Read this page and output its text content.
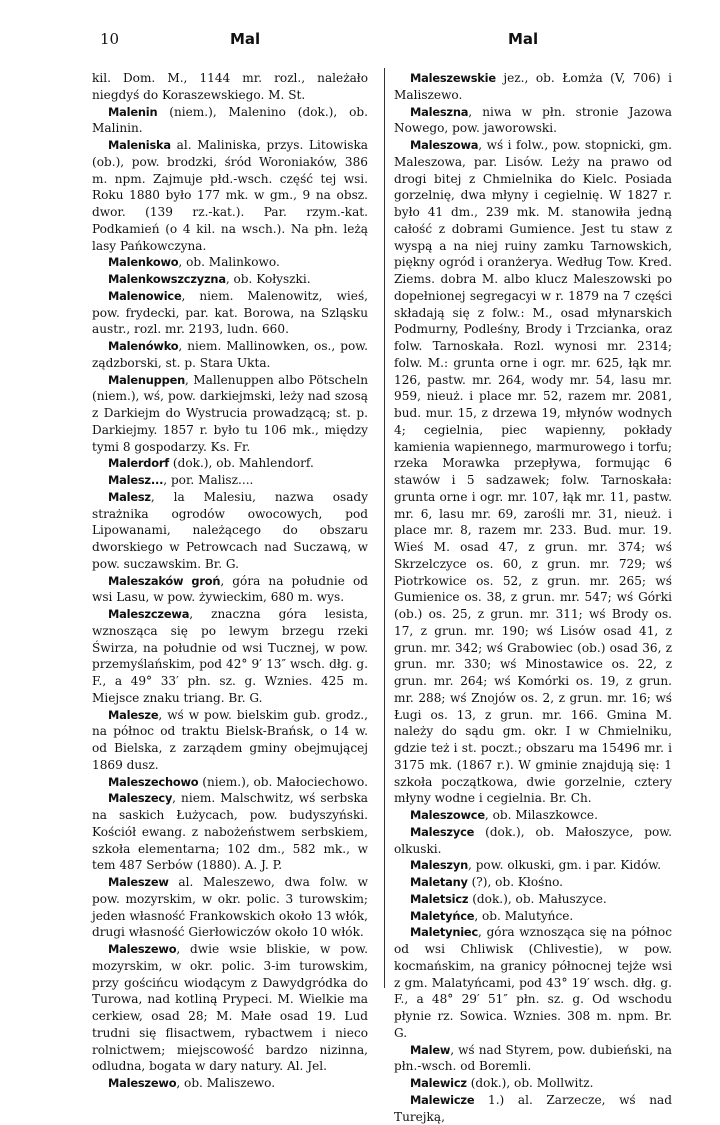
10	Mal	Mal

kil. Dom. M., 1144 mr. rozl., należało niegdyś do Koraszewskiego. M. St.

Malenin (niem.), Malenino (dok.), ob. Malinin.

Maleniska al. Maliniska, przys. Litowiska (ob.), pow. brodzki, śród Woroniaków, 386 m. npm. Zajmuje płd.-wsch. część tej wsi. Roku 1880 było 177 mk. w gm., 9 na obsz. dwor. (139 rz.-kat.). Par. rzym.-kat. Podkamień (o 4 kil. na wsch.). Na płn. leżą lasy Pańkowczyna.

Malenkowo, ob. Malinkowo.

Malenkowszczyzna, ob. Kołyszki.

Malenowice, niem. Malenowitz, wieś, pow. frydecki, par. kat. Borowa, na Szląsku austr., rozl. mr. 2193, ludn. 660.

Malenówko, niem. Mallinowken, os., pow. ządzborski, st. p. Stara Ukta.

Malenuppen, Mallenuppen albo Pötscheln (niem.), wś, pow. darkiejmski, leży nad szosą z Darkiejm do Wystrucia prowadzącą; st. p. Darkiejmy. 1857 r. było tu 106 mk., między tymi 8 gospodarzy. Ks. Fr.

Malerdorf (dok.), ob. Mahlendorf.

Malesz..., por. Malisz....

Malesz, la Malesiu, nazwa osady strażnika ogrodów owocowych, pod Lipowanami, należącego do obszaru dworskiego w Petrowcach nad Suczawą, w pow. suczawskim. Br. G.

Maleszaków groń, góra na południe od wsi Lasu, w pow. żywieckim, 680 m. wys.

Maleszczewa, znaczna góra lesista, wznosząca się po lewym brzegu rzeki Świrza, na południe od wsi Tucznej, w pow. przemyślańskim, pod 42° 9′ 13″ wsch. dłg. g. F., a 49° 33′ płn. sz. g. Wznies. 425 m. Miejsce znaku triang. Br. G.

Malesze, wś w pow. bielskim gub. grodz., na północ od traktu Bielsk-Brańsk, o 14 w. od Bielska, z zarządem gminy obejmującej 1869 dusz.

Maleszechowo (niem.), ob. Małociechowo.

Maleszecy, niem. Malschwitz, wś serbska na saskich Łużycach, pow. budyszyński. Kościół ewang. z nabożeństwem serbskiem, szkoła elementarna; 102 dm., 582 mk., w tem 487 Serbów (1880). A. J. P.

Maleszew al. Maleszewo, dwa folw. w pow. mozyrskim, w okr. polic. 3 turowskim; jeden własność Frankowskich około 13 włók, drugi własność Gierłowiczów około 10 włók.

Maleszewo, dwie wsie bliskie, w pow. mozyrskim, w okr. polic. 3-im turowskim, przy gościńcu wiodącym z Dawydgródka do Turowa, nad kotliną Prypeci. M. Wielkie ma cerkiew, osad 28; M. Małe osad 19. Lud trudni się flisactwem, rybactwem i nieco rolnictwem; miejscowość bardzo nizinna, odludna, bogata w dary natury. Al. Jel.

Maleszewo, ob. Maliszewo.

Maleszewskie jez., ob. Łomża (V, 706) i Maliszewo.

Maleszna, niwa w płn. stronie Jazowa Nowego, pow. jaworowski.

Maleszowa, wś i folw., pow. stopnicki, gm. Maleszowa, par. Lisów. Leży na prawo od drogi bitej z Chmielnika do Kielc. Posiada gorzelnię, dwa młyny i cegielnię. W 1827 r. było 41 dm., 239 mk. M. stanowiła jedną całość z dobrami Gumience. Jest tu staw z wyspą a na niej ruiny zamku Tarnowskich, piękny ogród i oranżerya. Według Tow. Kred. Ziems. dobra M. albo klucz Maleszowski po dopełnionej segregacyi w r. 1879 na 7 części składają się z folw.: M., osad młynarskich Podmurny, Podleśny, Brody i Trzcianka, oraz folw. Tarnoskała. Rozl. wynosi mr. 2314; folw. M.: grunta orne i ogr. mr. 625, łąk mr. 126, pastw. mr. 264, wody mr. 54, lasu mr. 959, nieuż. i place mr. 52, razem mr. 2081, bud. mur. 15, z drzewa 19, młynów wodnych 4; cegielnia, piec wapienny, pokłady kamienia wapiennego, marmurowego i torfu; rzeka Morawka przepływa, formując 6 stawów i 5 sadzawek; folw. Tarnoskała: grunta orne i ogr. mr. 107, łąk mr. 11, pastw. mr. 6, lasu mr. 69, zarośli mr. 31, nieuż. i place mr. 8, razem mr. 233. Bud. mur. 19. Wieś M. osad 47, z grun. mr. 374; wś Skrzelczyce os. 60, z grun. mr. 729; wś Piotrkowice os. 52, z grun. mr. 265; wś Gumienice os. 38, z grun. mr. 547; wś Górki (ob.) os. 25, z grun. mr. 311; wś Brody os. 17, z grun. mr. 190; wś Lisów osad 41, z grun. mr. 342; wś Grabowiec (ob.) osad 36, z grun. mr. 330; wś Minostawice os. 22, z grun. mr. 264; wś Komórki os. 19, z grun. mr. 288; wś Znojów os. 2, z grun. mr. 16; wś Ługi os. 13, z grun. mr. 166. Gmina M. należy do sądu gm. okr. I w Chmielniku, gdzie też i st. poczt.; obszaru ma 15496 mr. i 3175 mk. (1867 r.). W gminie znajdują się: 1 szkoła początkowa, dwie gorzelnie, cztery młyny wodne i cegielnia. Br. Ch.

Maleszowce, ob. Milaszkowce.

Maleszyce (dok.), ob. Małoszyce, pow. olkuski.

Maleszyn, pow. olkuski, gm. i par. Kidów.

Maletany (?), ob. Kłośno.

Maletsicz (dok.), ob. Małuszyce.

Maletyńce, ob. Malutyńce.

Maletyniec, góra wznosząca się na północ od wsi Chliwisk (Chlivestie), w pow. kocmańskim, na granicy północnej tejże wsi z gm. Malatyńcami, pod 43° 19′ wsch. dłg. g. F., a 48° 29′ 51″ płn. sz. g. Od wschodu płynie rz. Sowica. Wznies. 308 m. npm. Br. G.

Malew, wś nad Styrem, pow. dubieński, na płn.-wsch. od Boremli.

Malewicz (dok.), ob. Mollwitz.

Malewicze 1.) al. Zarzecze, wś nad Turejką,
